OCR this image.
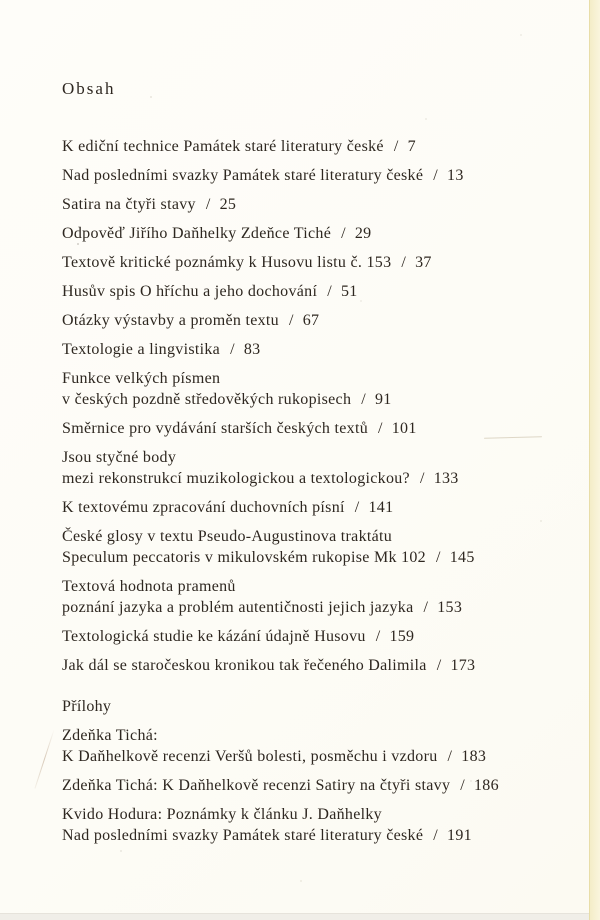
Obsah
K ediční technice Památek staré literatury české / 7
Nad posledními svazky Památek staré literatury české / 13
Satira na čtyři stavy / 25
Odpověď Jiřího Daňhelky Zdeňce Tiché / 29
Textově kritické poznámky k Husovu listu č. 153 / 37
Husův spis O hříchu a jeho dochování / 51
Otázky výstavby a proměn textu / 67
Textologie a lingvistika / 83
Funkce velkých písmen
v českých pozdně středověkých rukopisech / 91
Směrnice pro vydávání starších českých textů / 101
Jsou styčné body
mezi rekonstrukcí muzikologickou a textologickou? / 133
K textovému zpracování duchovních písní / 141
České glosy v textu Pseudo-Augustinova traktátu
Speculum peccatoris v mikulovském rukopise Mk 102 / 145
Textová hodnota pramenů
poznání jazyka a problém autentičnosti jejich jazyka / 153
Textologická studie ke kázání údajně Husovu / 159
Jak dál se staročeskou kronikou tak řečeného Dalimila / 173
Přílohy
Zdeňka Tichá:
K Daňhelkově recenzi Veršů bolesti, posměchu i vzdoru / 183
Zdeňka Tichá: K Daňhelkově recenzi Satiry na čtyři stavy / 186
Kvido Hodura: Poznámky k článku J. Daňhelky
Nad posledními svazky Památek staré literatury české / 191
